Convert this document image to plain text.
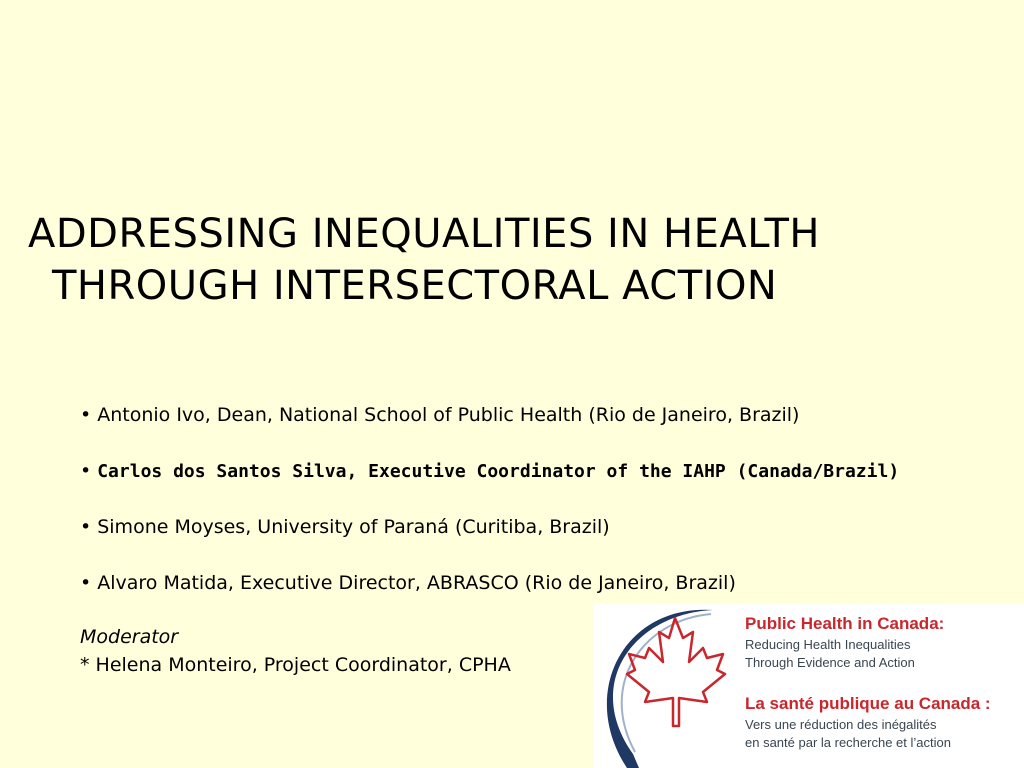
ADDRESSING INEQUALITIES IN HEALTH
THROUGH INTERSECTORAL ACTION
• Antonio Ivo, Dean, National School of Public Health (Rio de Janeiro, Brazil)
• Carlos dos Santos Silva, Executive Coordinator of the IAHP (Canada/Brazil)
• Simone Moyses, University of Paraná (Curitiba, Brazil)
• Alvaro Matida, Executive Director, ABRASCO (Rio de Janeiro, Brazil)
Moderator
* Helena Monteiro, Project Coordinator, CPHA
Public Health in Canada:
Reducing Health Inequalities
Through Evidence and Action
La santé publique au Canada :
Vers une réduction des inégalités
en santé par la recherche et l’action
